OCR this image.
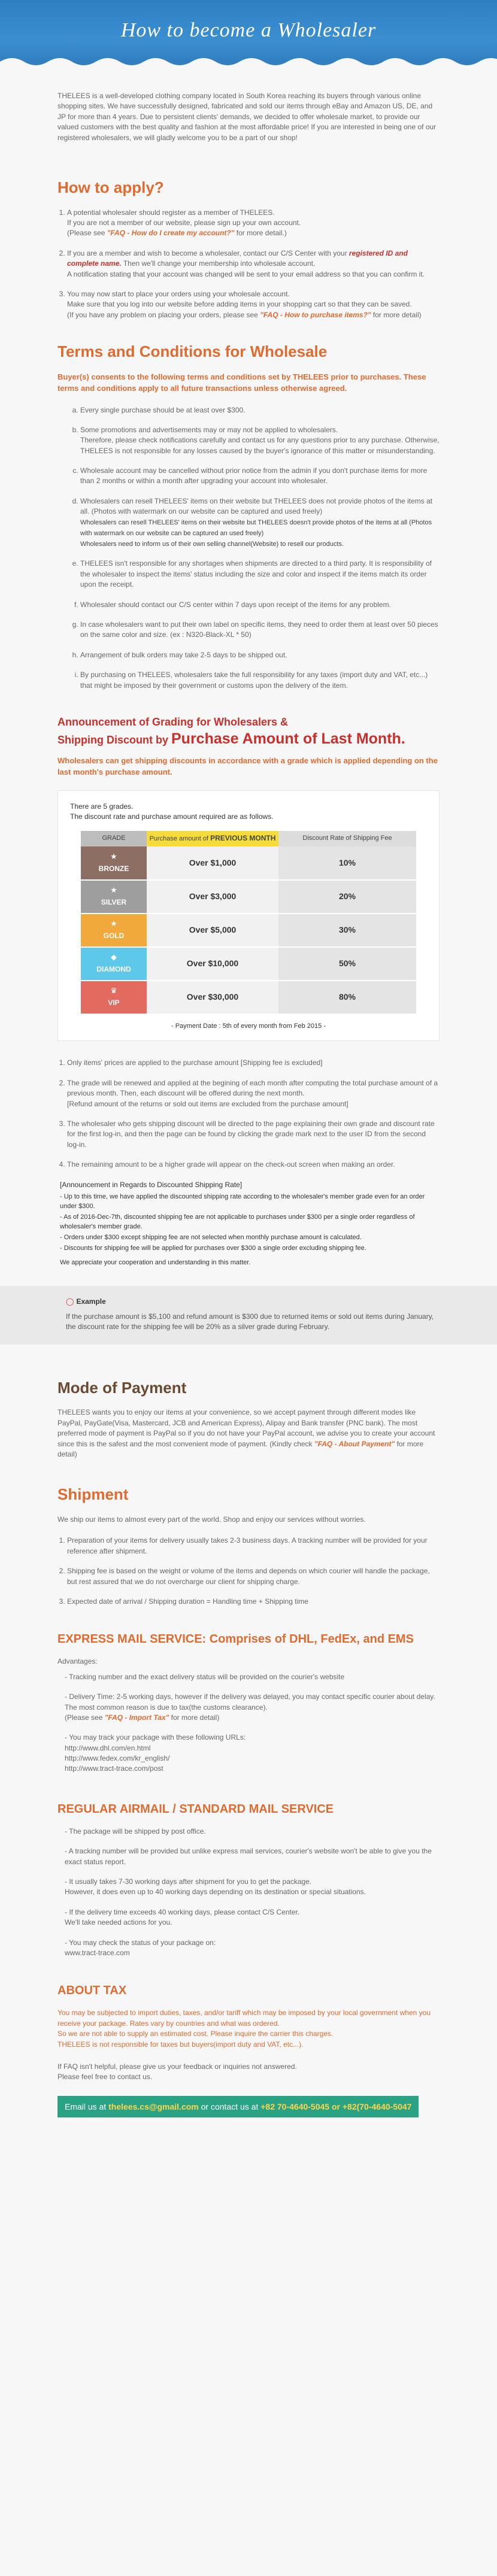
How to become a Wholesaler

THELEES is a well-developed clothing company located in South Korea reaching its buyers through various online shopping sites. We have successfully designed, fabricated and sold our items through eBay and Amazon US, DE, and JP for more than 4 years. Due to persistent clients' demands, we decided to offer wholesale market, to provide our valued customers with the best quality and fashion at the most affordable price! If you are interested in being one of our registered wholesalers, we will gladly welcome you to be a part of our shop!

How to apply?
1. A potential wholesaler should register as a member of THELEES.
If you are not a member of our website, please sign up your own account.
(Please see "FAQ - How do I create my account?" for more detail.)
2. If you are a member and wish to become a wholesaler, contact our C/S Center with your registered ID and complete name. Then we'll change your membership into wholesale account.
A notification stating that your account was changed will be sent to your email address so that you can confirm it.
3. You may now start to place your orders using your wholesale account.
Make sure that you log into our website before adding items in your shopping cart so that they can be saved.
(If you have any problem on placing your orders, please see "FAQ - How to purchase items?" for more detail)
Terms and Conditions for Wholesale

Buyer(s) consents to the following terms and conditions set by THELEES prior to purchases. These terms and conditions apply to all future transactions unless otherwise agreed.

a. Every single purchase should be at least over $300.
b. Some promotions and advertisements may or may not be applied to wholesalers.
Therefore, please check notifications carefully and contact us for any questions prior to any purchase. Otherwise, THELEES is not responsible for any losses caused by the buyer's ignorance of this matter or misunderstanding.
c. Wholesale account may be cancelled without prior notice from the admin if you don't purchase items for more than 2 months or within a month after upgrading your account into wholesaler.
d. Wholesalers can resell THELEES' items on their website but THELEES does not provide photos of the items at all. (Photos with watermark on our website can be captured and used freely)
Wholesalers can resell THELEES' items on their website but THELEES doesn't provide photos of the items at all (Photos with watermark on our website can be captured an used freely)
Wholesalers need to inform us of their own selling channel(Website) to resell our products.
e. THELEES isn't responsible for any shortages when shipments are directed to a third party. It is responsibility of the wholesaler to inspect the items' status including the size and color and inspect if the items match its order upon the receipt.
f. Wholesaler should contact our C/S center within 7 days upon receipt of the items for any problem.
g. In case wholesalers want to put their own label on specific items, they need to order them at least over 50 pieces on the same color and size. (ex : N320-Black-XL * 50)
h. Arrangement of bulk orders may take 2-5 days to be shipped out.
i. By purchasing on THELEES, wholesalers take the full responsibility for any taxes (import duty and VAT, etc...) that might be imposed by their government or customs upon the delivery of the item.
Announcement of Grading for Wholesalers &
Shipping Discount by Purchase Amount of Last Month.

Wholesalers can get shipping discounts in accordance with a grade which is applied depending on the last month's purchase amount.

There are 5 grades.
The discount rate and purchase amount required are as follows.
GRADE	Purchase amount of PREVIOUS MONTH	Discount Rate of Shipping Fee

★
BRONZE	Over $1,000	10%

★
SILVER	Over $3,000	20%

★
GOLD	Over $5,000	30%

◆
DIAMOND	Over $10,000	50%

♛
VIP	Over $30,000	80%
- Payment Date : 5th of every month from Feb 2015 -
1. Only items' prices are applied to the purchase amount [Shipping fee is excluded]
2. The grade will be renewed and applied at the begining of each month after computing the total purchase amount of a previous month. Then, each discount will be offered during the next month.
[Refund amount of the returns or sold out items are excluded from the purchase amount]
3. The wholesaler who gets shipping discount will be directed to the page explaining their own grade and discount rate for the first log-in, and then the page can be found by clicking the grade mark next to the user ID from the second log-in.
4. The remaining amount to be a higher grade will appear on the check-out screen when making an order.
[Announcement in Regards to Discounted Shipping Rate]

- Up to this time, we have applied the discounted shipping rate according to the wholesaler's member grade even for an order under $300.

- As of 2016-Dec-7th, discounted shipping fee are not applicable to purchases under $300 per a single order regardless of wholesaler's member grade.

- Orders under $300 except shipping fee are not selected when monthly purchase amount is calculated.

- Discounts for shipping fee will be applied for purchases over $300 a single order excluding shipping fee.

We appreciate your cooperation and understanding in this matter.

◯ Example

If the purchase amount is $5,100 and refund amount is $300 due to returned items or sold out items during January, the discount rate for the shipping fee will be 20% as a silver grade during February.

Mode of Payment

THELEES wants you to enjoy our items at your convenience, so we accept payment through different modes like PayPal, PayGate(Visa, Mastercard, JCB and American Express), Alipay and Bank transfer (PNC bank). The most preferred mode of payment is PayPal so if you do not have your PayPal account, we advise you to create your account since this is the safest and the most convenient mode of payment. (Kindly check "FAQ - About Payment" for more detail)

Shipment

We ship our items to almost every part of the world. Shop and enjoy our services without worries.

1. Preparation of your items for delivery usually takes 2-3 business days. A tracking number will be provided for your reference after shipment.
2. Shipping fee is based on the weight or volume of the items and depends on which courier will handle the package, but rest assured that we do not overcharge our client for shipping charge.
3. Expected date of arrival / Shipping duration = Handling time + Shipping time
EXPRESS MAIL SERVICE: Comprises of DHL, FedEx, and EMS

Advantages:

- Tracking number and the exact delivery status will be provided on the courier's website
- Delivery Time: 2-5 working days, however if the delivery was delayed, you may contact specific courier about delay. The most common reason is due to tax(the customs clearance).
(Please see "FAQ - Import Tax" for more detail)
- You may track your package with these following URLs:
http://www.dhl.com/en.html
http://www.fedex.com/kr_english/
http://www.tract-trace.com/post
REGULAR AIRMAIL / STANDARD MAIL SERVICE
- The package will be shipped by post office.
- A tracking number will be provided but unlike express mail services, courier's website won't be able to give you the exact status report.
- It usually takes 7-30 working days after shipment for you to get the package.
However, it does even up to 40 working days depending on its destination or special situations.
- If the delivery time exceeds 40 working days, please contact C/S Center.
We'll take needed actions for you.
- You may check the status of your package on:
www.tract-trace.com
ABOUT TAX

You may be subjected to import duties, taxes, and/or tariff which may be imposed by your local government when you receive your package. Rates vary by countries and what was ordered.

So we are not able to supply an estimated cost. Please inquire the carrier this charges.

THELEES is not responsible for taxes but buyers(import duty and VAT, etc...).

If FAQ isn't helpful, please give us your feedback or inquiries not answered.

Please feel free to contact us.

Email us at thelees.cs@gmail.com or contact us at +82 70-4640-5045 or +82(70-4640-5047
